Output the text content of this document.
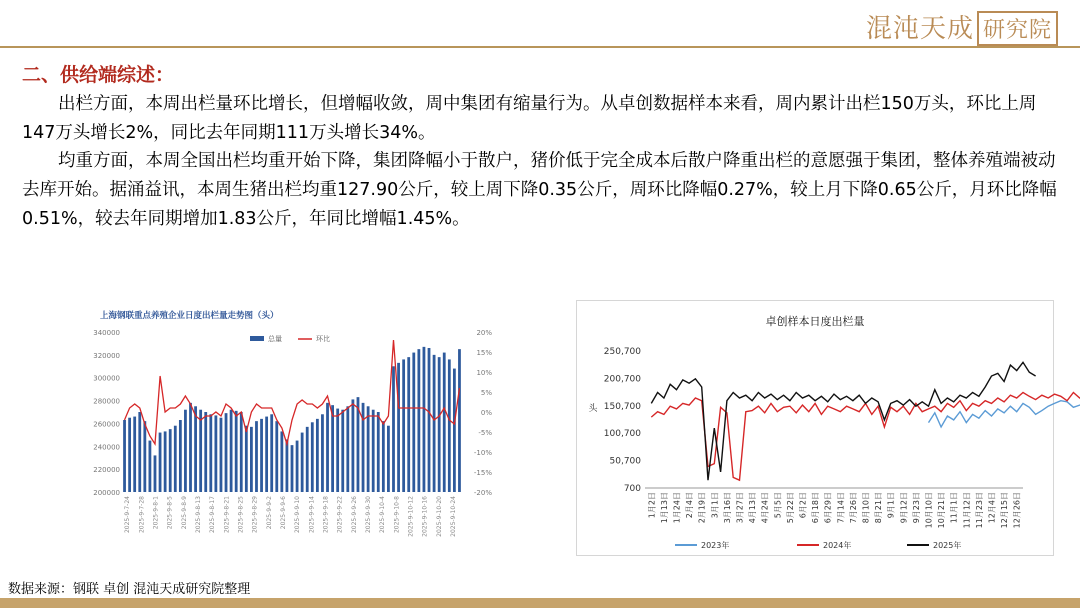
混沌天成 研究院
二、供给端综述：
出栏方面，本周出栏量环比增长，但增幅收敛，周中集团有缩量行为。从卓创数据样本来看，周内累计出栏150万头，环比上周147万头增长2%，同比去年同期111万头增长34%。
均重方面，本周全国出栏均重开始下降，集团降幅小于散户，猪价低于完全成本后散户降重出栏的意愿强于集团，整体养殖端被动去库开始。据涌益讯，本周生猪出栏均重127.90公斤，较上周下降0.35公斤，周环比降幅0.27%，较上月下降0.65公斤，月环比降幅0.51%，较去年同期增加1.83公斤，年同比增幅1.45%。
上海钢联重点养殖企业日度出栏量走势图（头）
340000
320000
300000
280000
260000
240000
220000
200000
20%
15%
10%
5%
0%
-5%
-10%
-15%
-20%
总量	环比
2025-9-7-24 2025-9-7-28 2025-9-8-1 2025-9-8-5 2025-9-8-9 2025-9-8-13 2025-9-8-17 2025-9-8-21 2025-9-8-25 2025-9-8-29 2025-9-9-2 2025-9-9-6 2025-9-9-10 2025-9-9-14 2025-9-9-18 2025-9-9-22 2025-9-9-26 2025-9-9-30 2025-9-10-4 2025-9-10-8 2025-9-10-12 2025-9-10-16 2025-9-10-20 2025-9-10-24
卓创样本日度出栏量
头
250,700
200,700
150,700
100,700
50,700
700
1月2日 1月13日 1月24日 2月4日 2月19日 3月1日 3月16日 3月27日 4月13日 4月24日 5月5日 5月22日 6月2日 6月18日 6月29日 7月14日 7月26日 8月10日 8月21日 9月1日 9月12日 9月23日 10月10日 10月21日 11月1日 11月12日 11月23日 12月4日 12月15日 12月26日
2023年	2024年	2025年
数据来源：钢联 卓创 混沌天成研究院整理
